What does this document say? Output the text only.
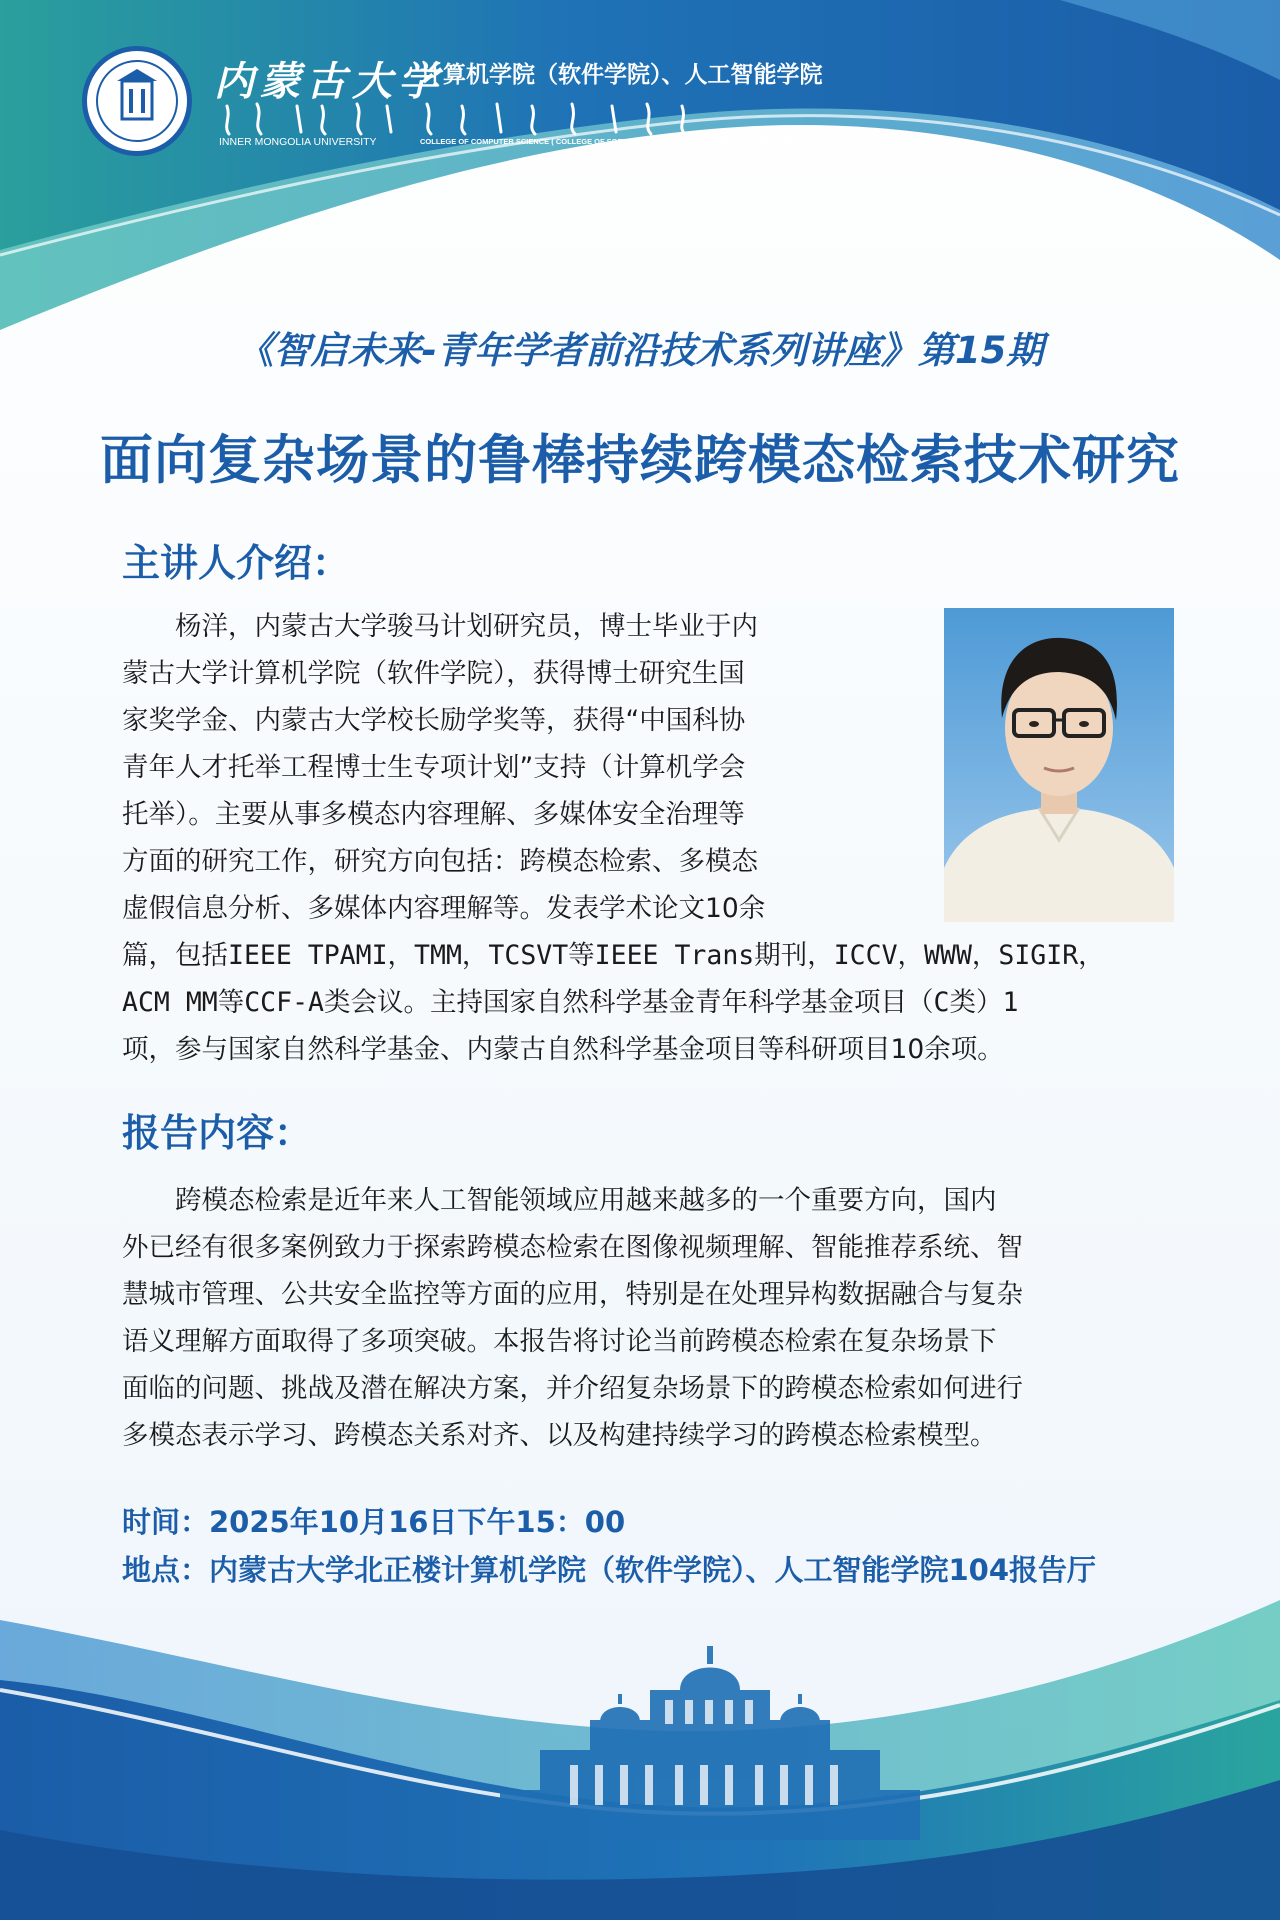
内蒙古大学
计算机学院（软件学院）、人工智能学院
INNER MONGOLIA UNIVERSITY	COLLEGE OF COMPUTER SCIENCE ( COLLEGE OF SOFTWARE), COLLEGE OF ARTIFICIAL INTELLIGENCE
《智启未来-青年学者前沿技术系列讲座》第15期
面向复杂场景的鲁棒持续跨模态检索技术研究
主讲人介绍：

　　杨洋，内蒙古大学骏马计划研究员，博士毕业于内

蒙古大学计算机学院（软件学院），获得博士研究生国

家奖学金、内蒙古大学校长励学奖等，获得“中国科协

青年人才托举工程博士生专项计划”支持（计算机学会

托举）。主要从事多模态内容理解、多媒体安全治理等

方面的研究工作，研究方向包括：跨模态检索、多模态

虚假信息分析、多媒体内容理解等。发表学术论文10余

篇，包括IEEE TPAMI，TMM，TCSVT等IEEE Trans期刊，ICCV，WWW，SIGIR，

ACM MM等CCF-A类会议。主持国家自然科学基金青年科学基金项目（C类）1

项，参与国家自然科学基金、内蒙古自然科学基金项目等科研项目10余项。

报告内容：

　　跨模态检索是近年来人工智能领域应用越来越多的一个重要方向，国内

外已经有很多案例致力于探索跨模态检索在图像视频理解、智能推荐系统、智

慧城市管理、公共安全监控等方面的应用，特别是在处理异构数据融合与复杂

语义理解方面取得了多项突破。本报告将讨论当前跨模态检索在复杂场景下

面临的问题、挑战及潜在解决方案，并介绍复杂场景下的跨模态检索如何进行

多模态表示学习、跨模态关系对齐、以及构建持续学习的跨模态检索模型。

时间：2025年10月16日下午15：00
地点：内蒙古大学北正楼计算机学院（软件学院）、人工智能学院104报告厅
